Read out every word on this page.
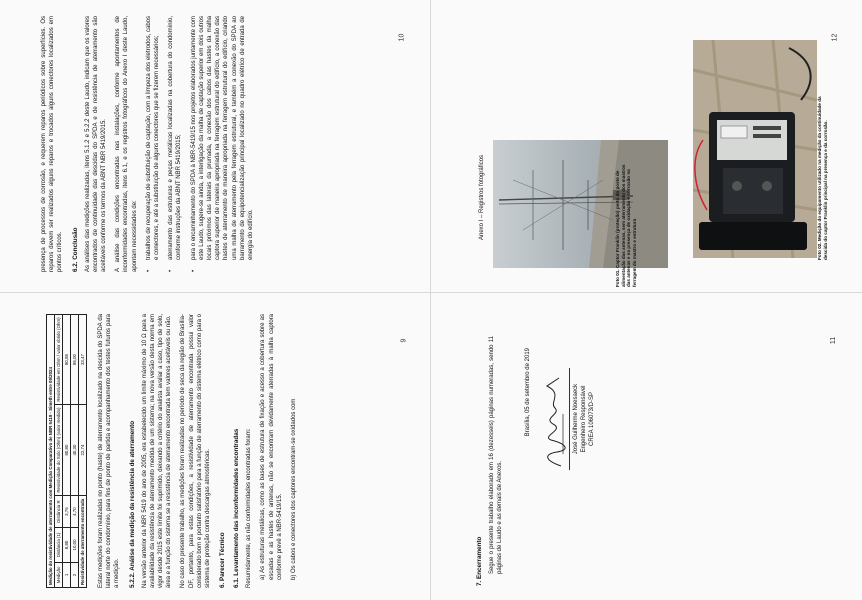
Medição do resistividade de aterramento com Medição Comparativo de NBR 5419 - Simeth entre 09/2024				
Medição	Distância (1)	Distância R	Resistividade do Solo (Ohm) (valor medido)	Resistividade em Ohm / valor obtido (Ohm)
1	8,80	3,76	80,80	80,85
2	10,00	4,70	40,30	85,00
Resistividade de aterramento encontrada			22,74	33,47 Estas medições foram realizadas no ponto (haste) de aterramento localizado na descida do SPDA da lateral norte do condomínio, para fins de ponto de partida e acompanhamento dos testes futuros para a medição. 5.2.2. Análise da medição da resistência de aterramento Na versão anterior da NBR 5419 do ano de 2005, era estabelecido um limite máximo de 10 Ω para a avaliabilidade da resistência de aterramento medida de um sistema; na nova versão desta norma em vigor desde 2015 este limite foi suprimido, deixando a critério do analista avaliar a caso, tipo de solo, área e a função do sistema se a resistência de aterramento encontrada tem valores aceitáveis ou não. No caso do presente trabalho, as medições foram realizadas no período de seca da região de Brasília-DF, portanto, para estas condições, a resistividade de aterramento encontrada possui valor considerado bom e portanto satisfatório para a função de aterramento do sistema elétrico como para o sistema de proteção contra descargas atmosféricas. 6. Parecer Técnico 6.1. Levantamento das inconformidades encontradas Resumidamente, as não conformidades encontradas foram: a) As estruturas metálicas, como as bases de estrutura de fixação e acesso a cobertura sobre as escadas e as hastes de antenas, não se encontram devidamente aterradas à malha captora conforme prevê a NBR-5419/15. b) Os cabos e conectores dos captores encontram-se oxidados com

9

presença de processos de corrosão, e requerem reparos periódicos sobre superfícies. Os reparos devem ser realizados alguns reparos e trocados alguns conectores localizados em pontos críticos. 6.2. Conclusão As análises das medições realizadas, itens 5.1.2 e 5.2.2 deste Laudo, indicam que os valores encontrados de continuidade das descidas do SPDA e de resistência de aterramento são aceitáveis conforme os termos da ABNT NBR 5419/2015. A análise das condições encontradas nas instalações, conforme apontamentos de inconformidades encontradas, itens 6.1, e os registros fotográficos do Anexo I deste Laudo, apontam necessidades de: •
trabalhos de recuperação de substituição de captação, com a limpeza dos eletrodos, cabos e conectores, e até a substituição de alguns conectores que se fizerem necessários;
•
aterramento das estruturas e peças metálicas localizadas na cobertura do condomínio, conforme instruções da ABNT NBR 5419/2015;
•
para o encaminhamento do SPDA à NBR-5419/15 nos projetos elaborados juntamente com este Laudo, sugere-se ainda, a interligação da malha de captação superior em dois outros locais próximos das laterais da prumada, a conexão dos cabos das hastes da malha captora superior de maneira apropriada na ferragem estrutural do edifício, a conexão das hastes de aterramento de maneira apropriada na ferragem estrutural do edifício, criando uma malha de aterramento pela ferragem estrutural, e também a conexão do SPDA ao barramento de equipotencialização principal localizado no quadro elétrico de entrada de energia do edifício.
10
7. Encerramento Segue o presente trabalho elaborado em 16 (dezesseis) páginas numeradas, sendo 11 páginas de Laudo e as demais de Anexos.

Brasília, 05 de setembro de 2019	José Guilherme Noesaeck Engenheiro Responsável CREA 106073/D-SP
11
Anexo I – Registros fotográficos	Foto 01. Captor Franklin (proteção) perto do poste de alimentação das antenas, sem aterramento dos mastros das antenas e na presença de oxidação e corrosão na ferragem do mastro e estrutura	Foto 02. Medição do equipamento utilizado na medição da continuidade da descida do captor Franklin principal na presença e da corrosão.
12
